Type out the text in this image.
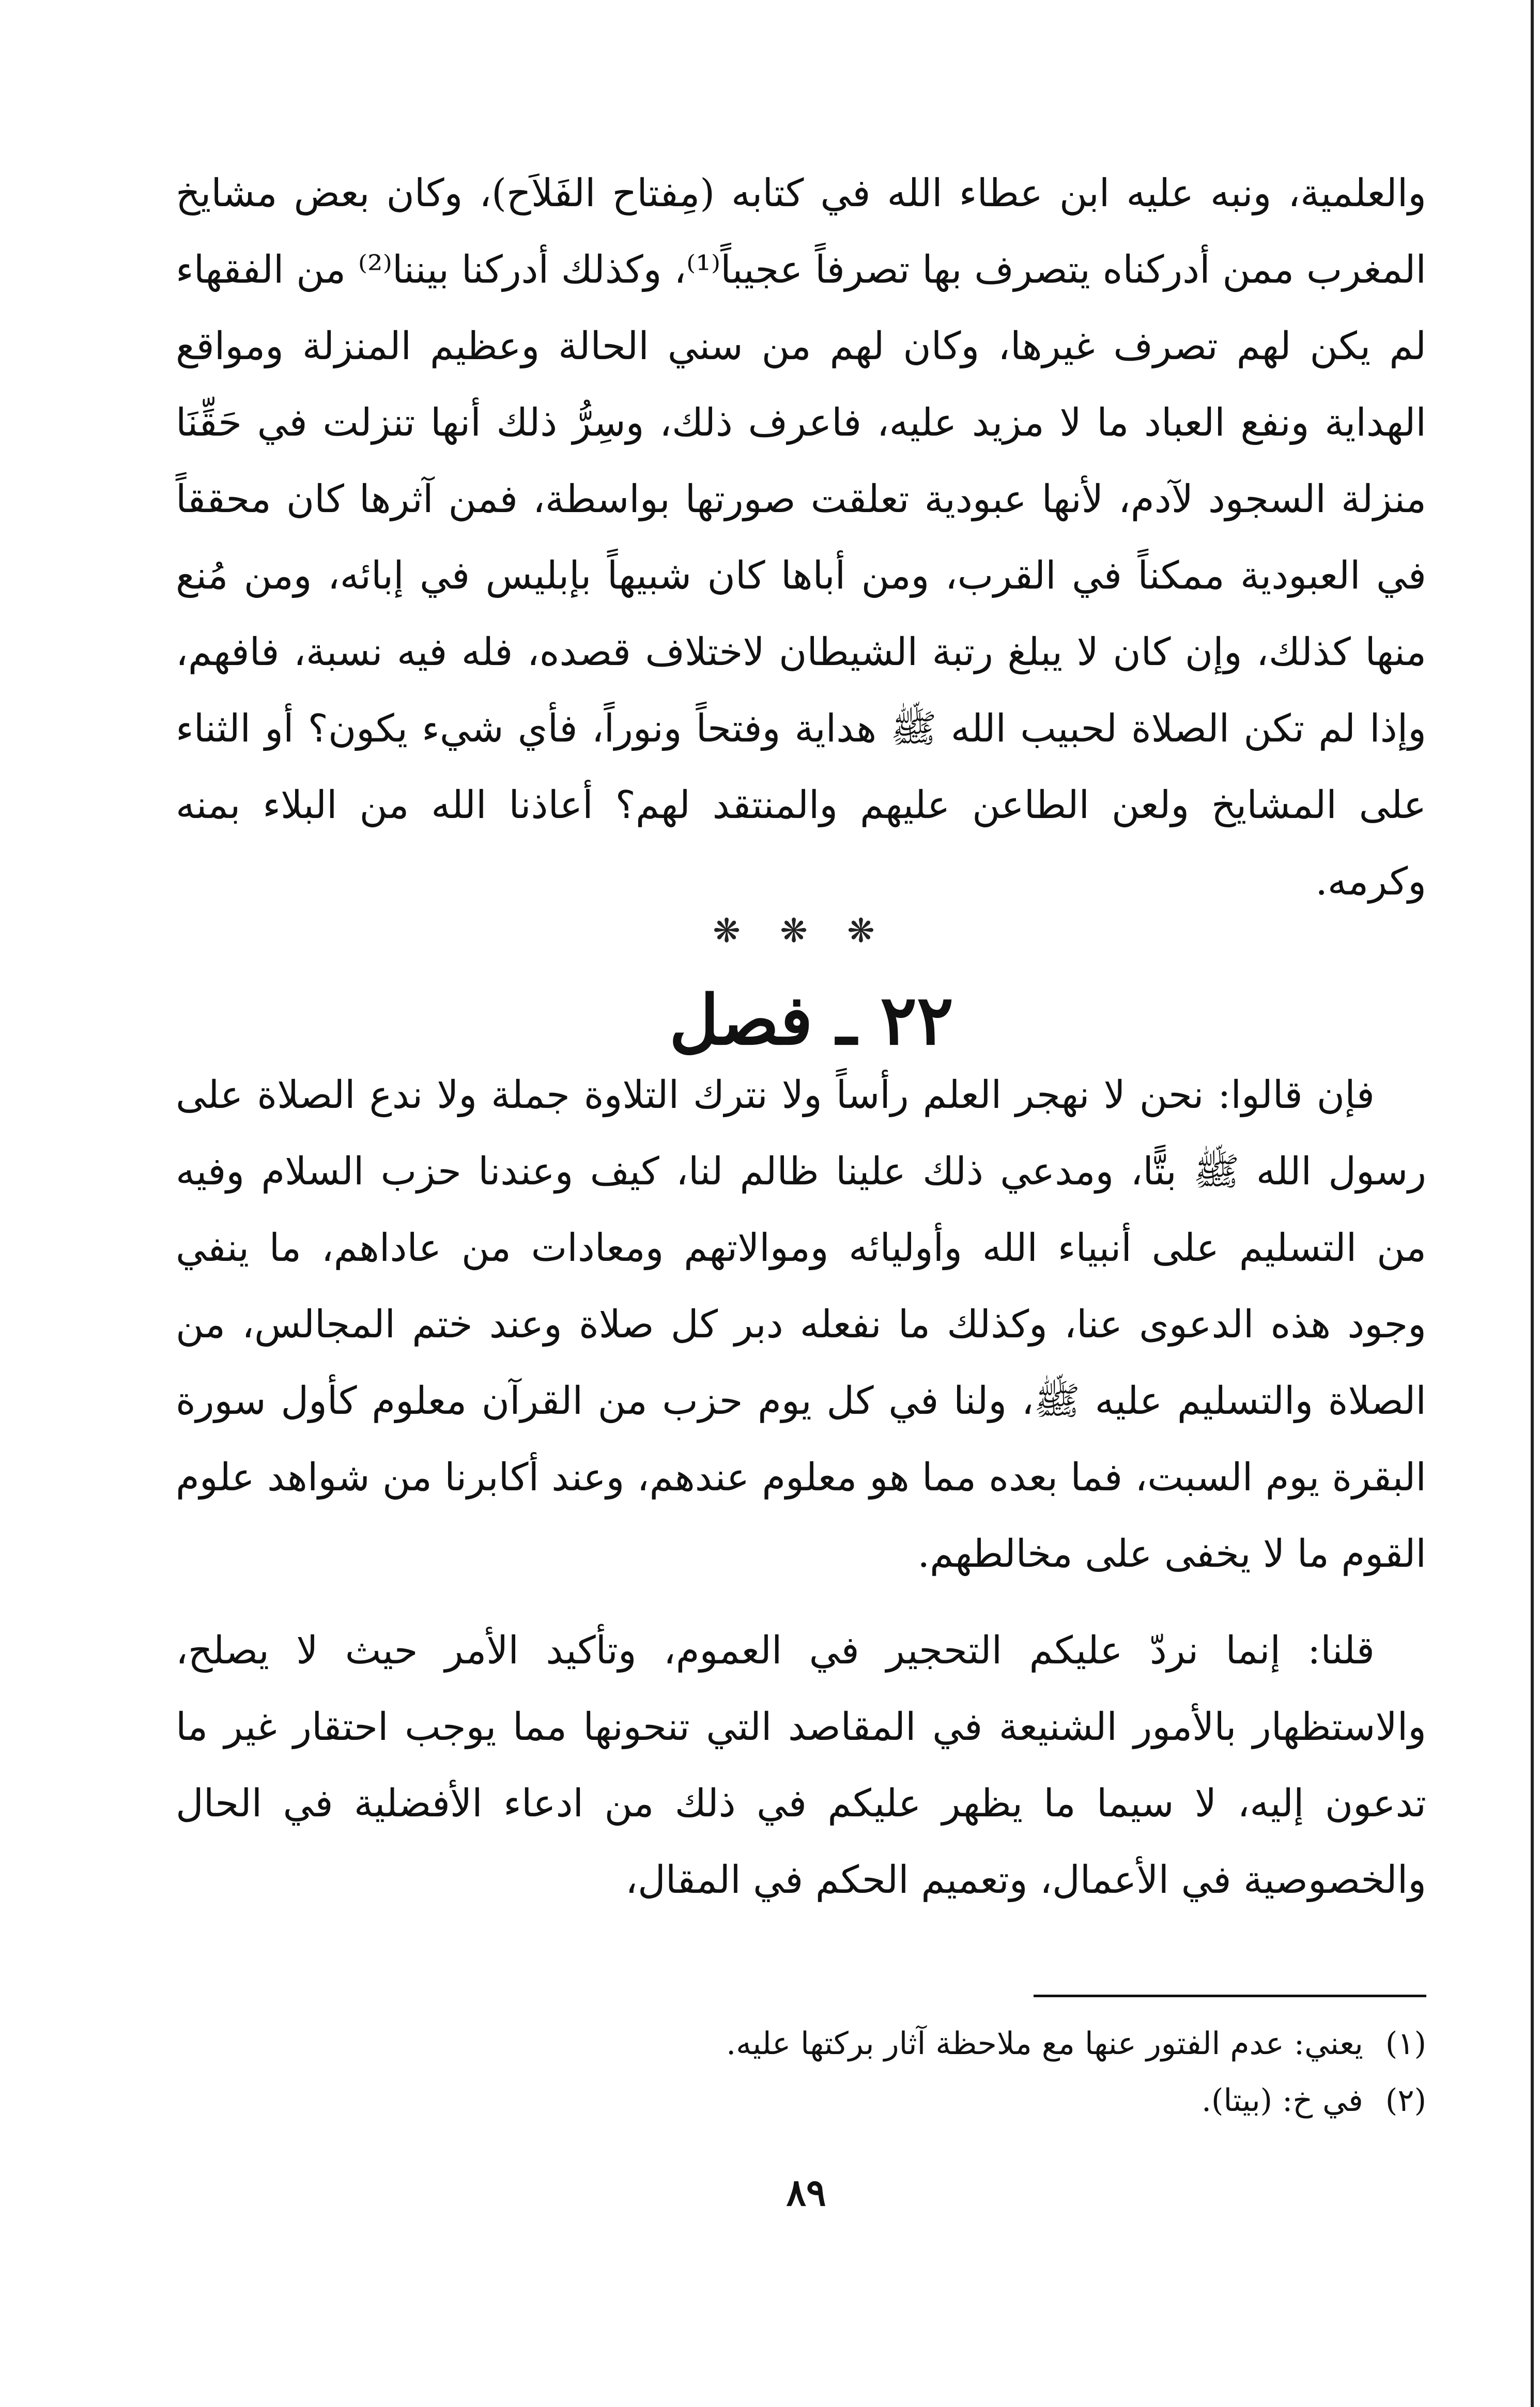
والعلمية، ونبه عليه ابن عطاء الله في كتابه (مِفتاح الفَلاَح)، وكان بعض مشايخ المغرب ممن أدركناه يتصرف بها تصرفاً عجيباً⁽¹⁾، وكذلك أدركنا بيننا⁽²⁾ من الفقهاء لم يكن لهم تصرف غيرها، وكان لهم من سني الحالة وعظيم المنزلة ومواقع الهداية ونفع العباد ما لا مزيد عليه، فاعرف ذلك، وسِرُّ ذلك أنها تنزلت في حَقِّنَا منزلة السجود لآدم، لأنها عبودية تعلقت صورتها بواسطة، فمن آثرها كان محققاً في العبودية ممكناً في القرب، ومن أباها كان شبيهاً بإبليس في إبائه، ومن مُنع منها كذلك، وإن كان لا يبلغ رتبة الشيطان لاختلاف قصده، فله فيه نسبة، فافهم، وإذا لم تكن الصلاة لحبيب الله ﷺ هداية وفتحاً ونوراً، فأي شيء يكون؟ أو الثناء على المشايخ ولعن الطاعن عليهم والمنتقد لهم؟ أعاذنا الله من البلاء بمنه وكرمه.

❋ ❋ ❋
٢٢ ـ فصل

فإن قالوا: نحن لا نهجر العلم رأساً ولا نترك التلاوة جملة ولا ندع الصلاة على رسول الله ﷺ بتًّا، ومدعي ذلك علينا ظالم لنا، كيف وعندنا حزب السلام وفيه من التسليم على أنبياء الله وأوليائه وموالاتهم ومعادات من عاداهم، ما ينفي وجود هذه الدعوى عنا، وكذلك ما نفعله دبر كل صلاة وعند ختم المجالس، من الصلاة والتسليم عليه ﷺ، ولنا في كل يوم حزب من القرآن معلوم كأول سورة البقرة يوم السبت، فما بعده مما هو معلوم عندهم، وعند أكابرنا من شواهد علوم القوم ما لا يخفى على مخالطهم.

قلنا: إنما نردّ عليكم التحجير في العموم، وتأكيد الأمر حيث لا يصلح، والاستظهار بالأمور الشنيعة في المقاصد التي تنحونها مما يوجب احتقار غير ما تدعون إليه، لا سيما ما يظهر عليكم في ذلك من ادعاء الأفضلية في الحال والخصوصية في الأعمال، وتعميم الحكم في المقال،

(١) يعني: عدم الفتور عنها مع ملاحظة آثار بركتها عليه.
(٢) في خ: (بيتا).
٨٩
